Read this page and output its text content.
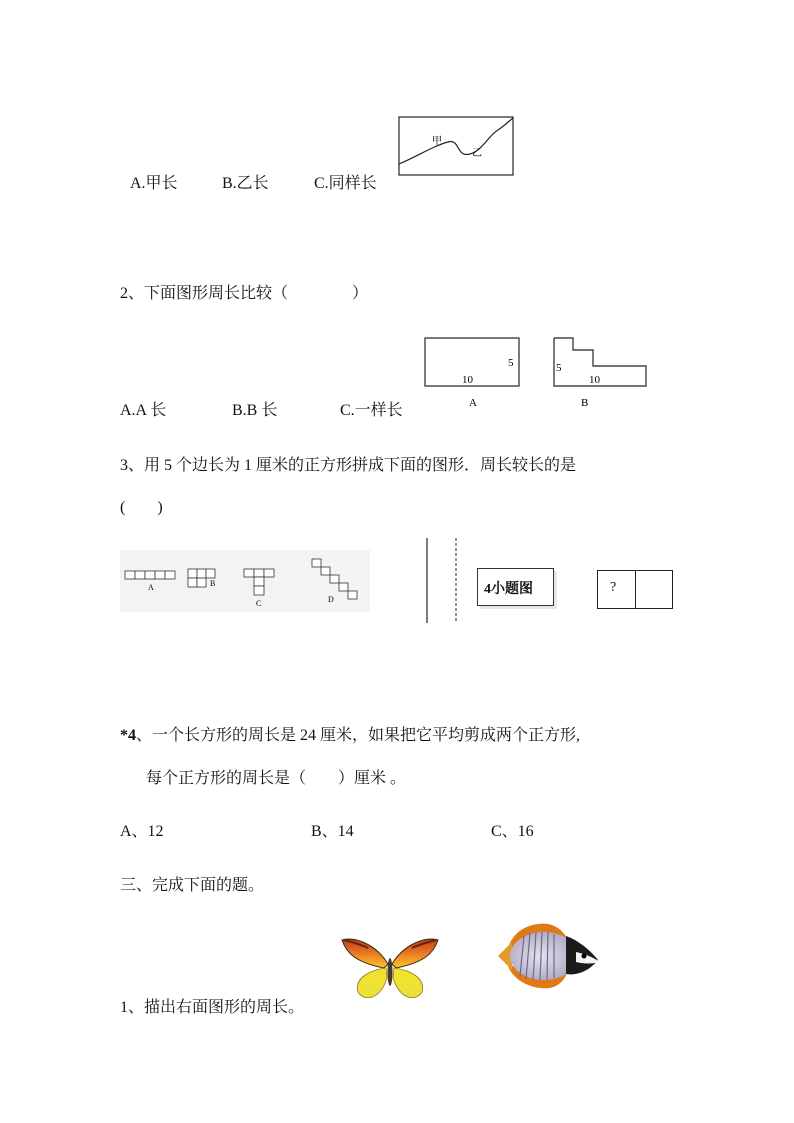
A.甲长	B.乙长	C.同样长
甲
乙
2、下面图形周长比较（　　　　）
5
10
A
5
10
B
A.A 长	B.B 长	C.一样长
3、用 5 个边长为 1 厘米的正方形拼成下面的图形．周长较长的是
(　　)
A	B
C	D
4小题图	?
*4、一个长方形的周长是 24 厘米，如果把它平均剪成两个正方形,
每个正方形的周长是（　　）厘米 。
A、12	B、14	C、16
三、完成下面的题。
1、描出右面图形的周长。
